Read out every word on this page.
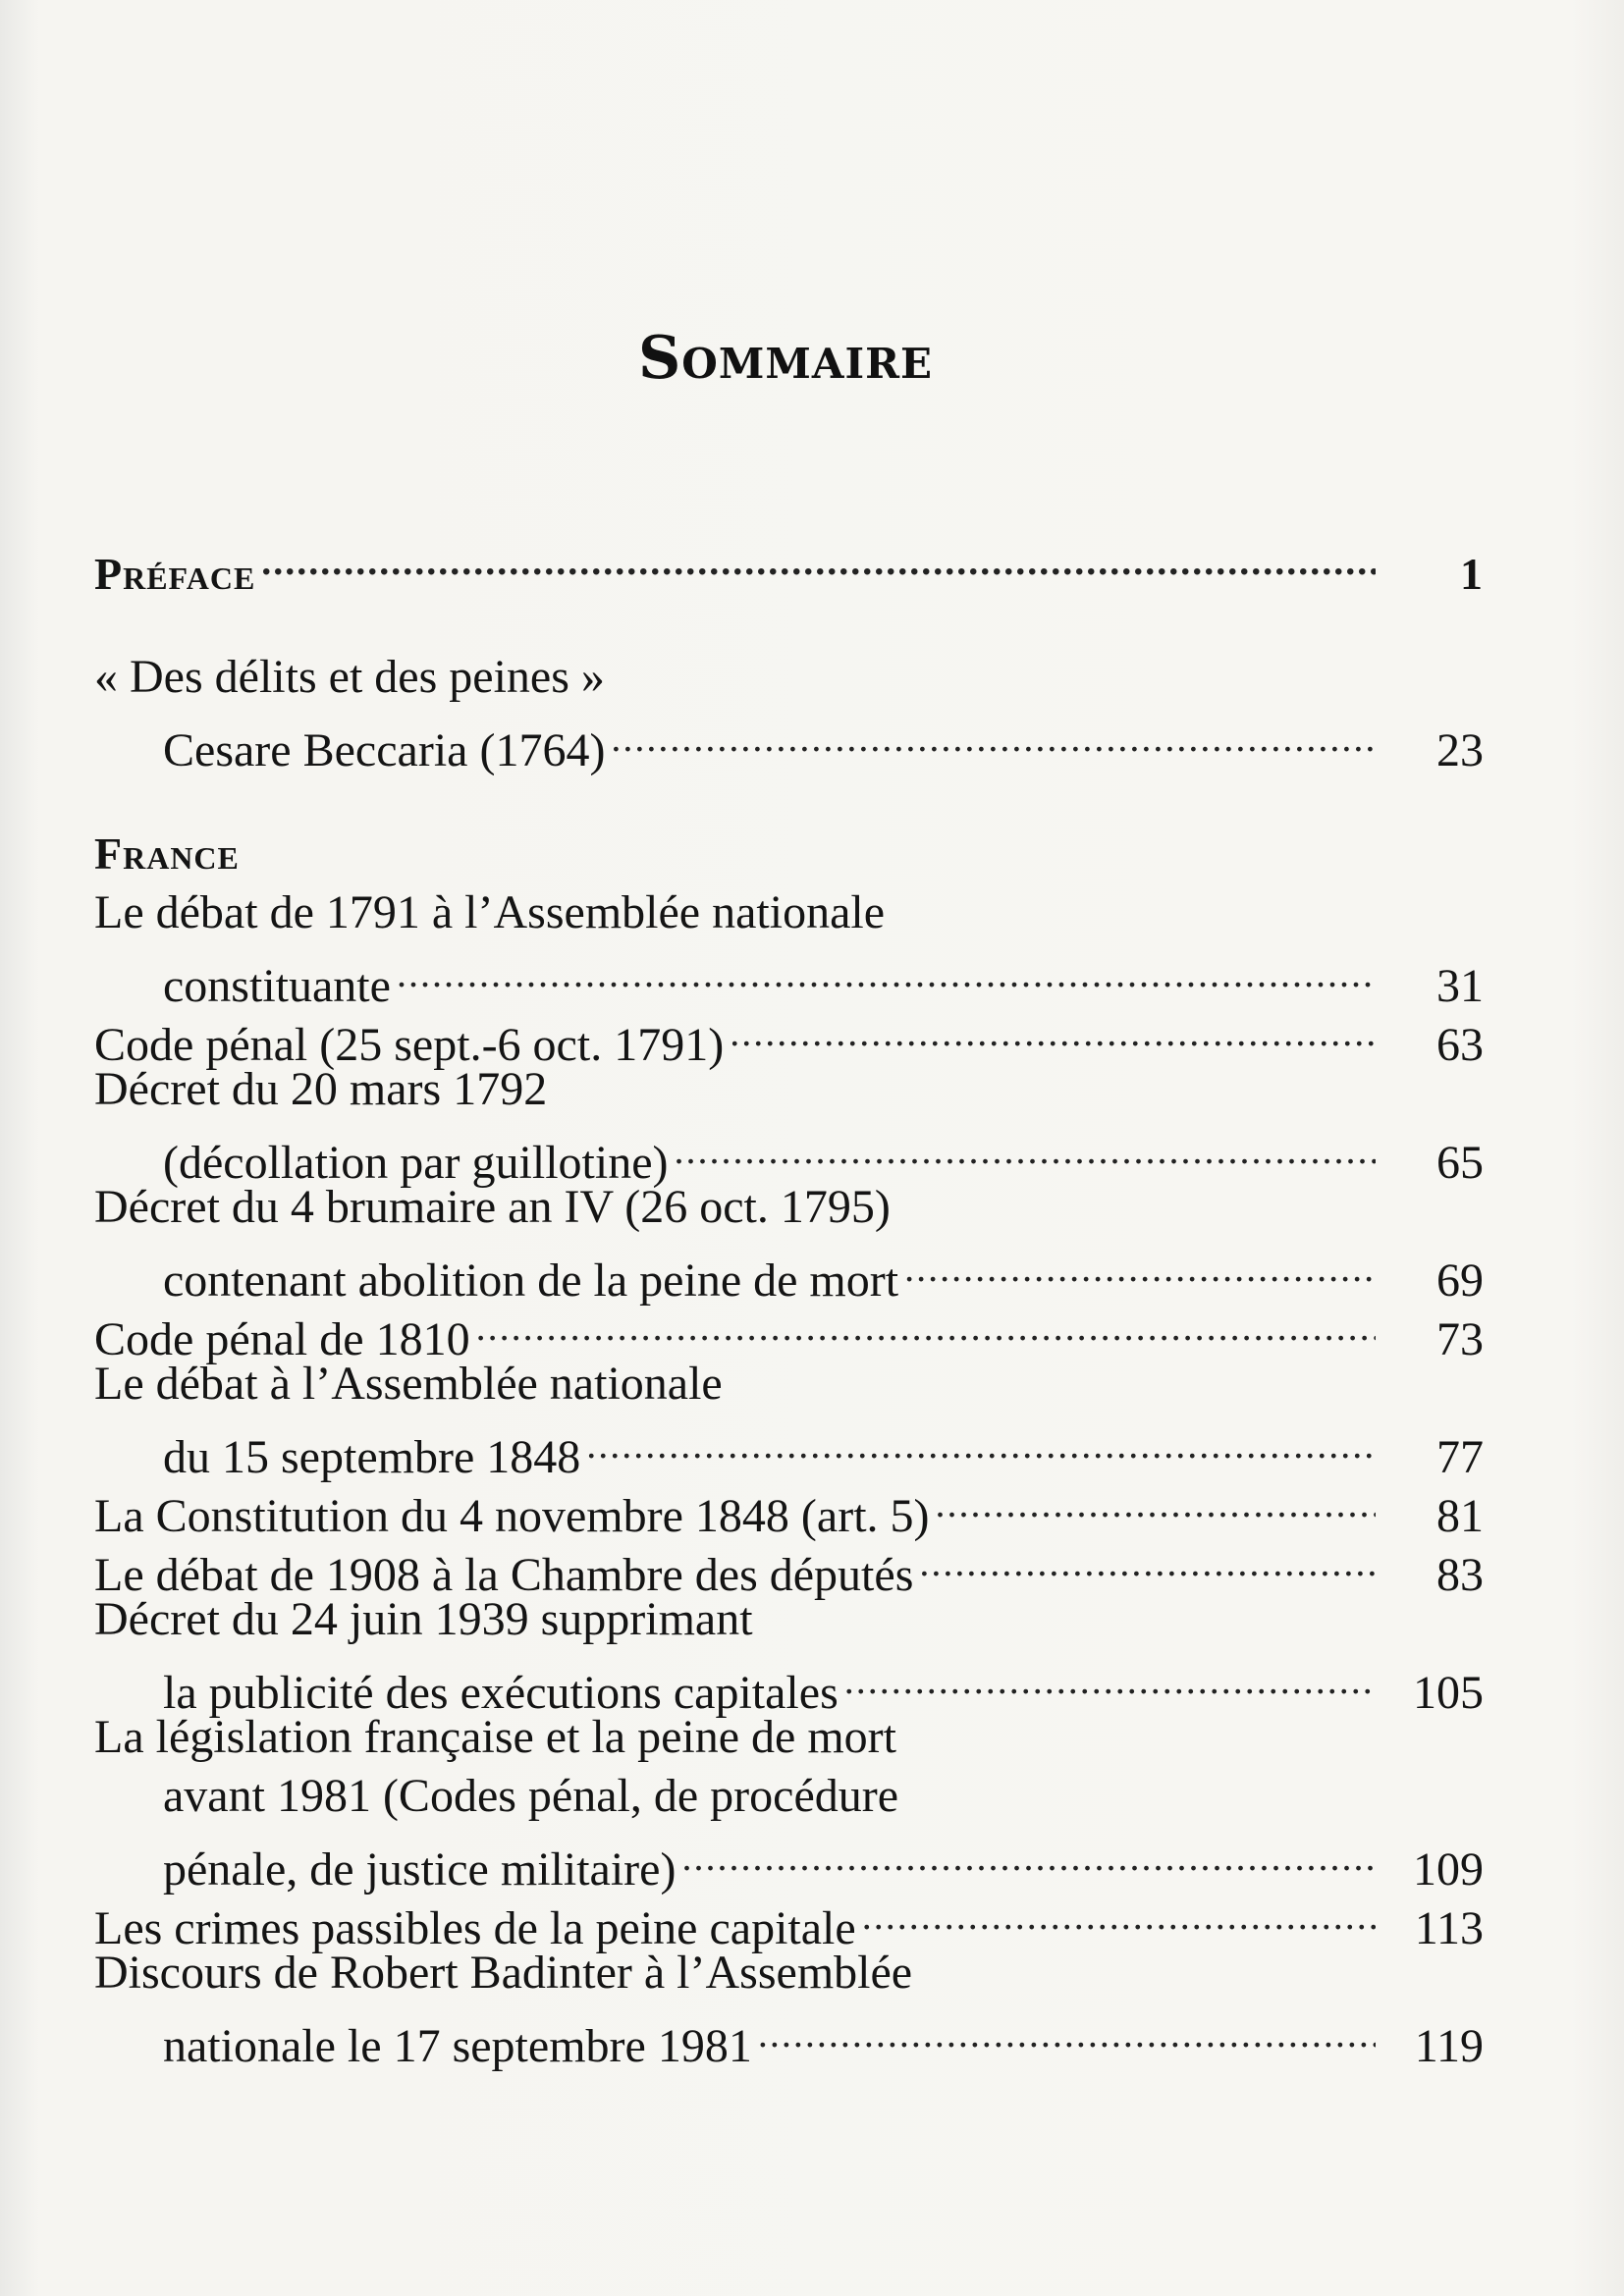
Sommaire
Préface .....	1
« Des délits et des peines »
Cesare Beccaria (1764) .....	23
France
Le débat de 1791 à l’Assemblée nationale
constituante .....	31
Code pénal (25 sept.-6 oct. 1791) .....	63
Décret du 20 mars 1792
(décollation par guillotine) .....	65
Décret du 4 brumaire an IV (26 oct. 1795)
contenant abolition de la peine de mort .....	69
Code pénal de 1810 .....	73
Le débat à l’Assemblée nationale
du 15 septembre 1848 .....	77
La Constitution du 4 novembre 1848 (art. 5) .....	81
Le débat de 1908 à la Chambre des députés .....	83
Décret du 24 juin 1939 supprimant
la publicité des exécutions capitales .....	105
La législation française et la peine de mort
avant 1981 (Codes pénal, de procédure
pénale, de justice militaire) .....	109
Les crimes passibles de la peine capitale .....	113
Discours de Robert Badinter à l’Assemblée
nationale le 17 septembre 1981 .....	119
